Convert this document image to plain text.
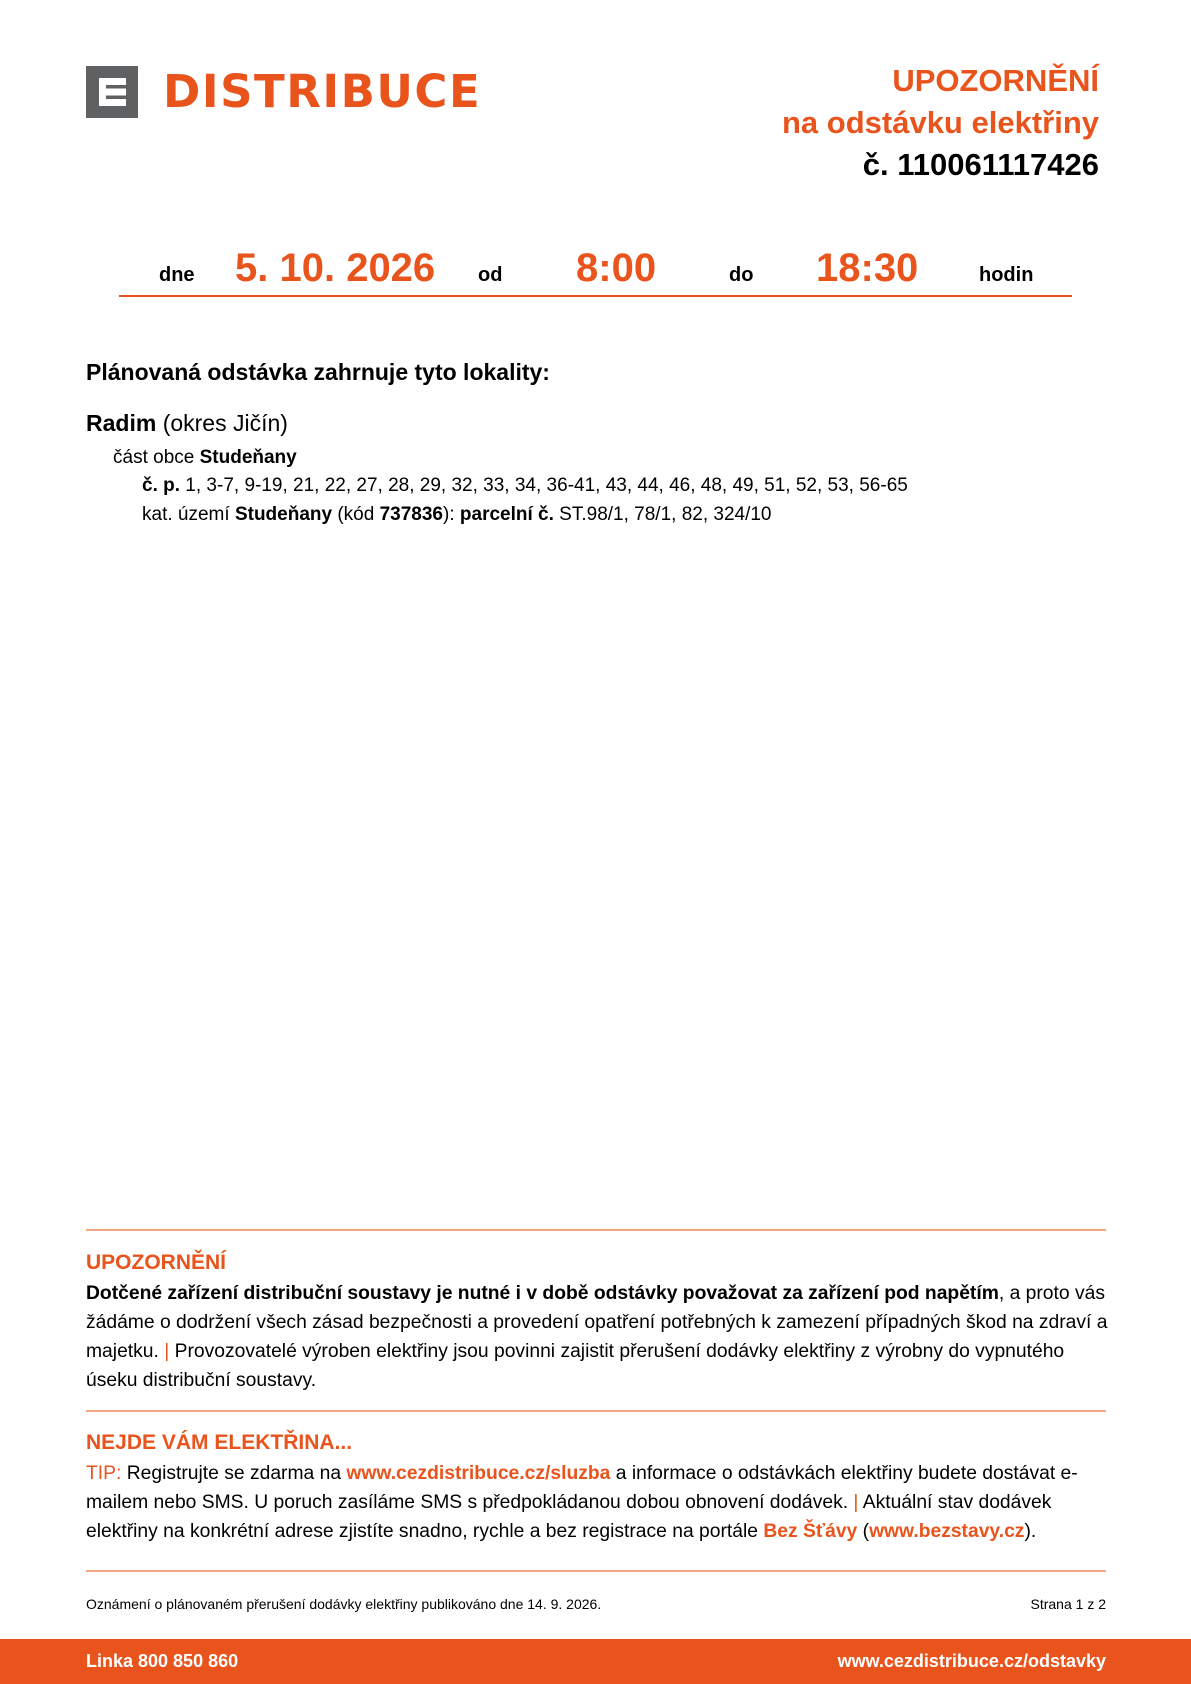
DISTRIBUCE	UPOZORNĚNÍ
na odstávku elektřiny
č. 110061117426
dne 5. 10. 2026 od 8:00	do 18:30	hodin
Plánovaná odstávka zahrnuje tyto lokality:
Radim (okres Jičín)
část obce Studeňany
č. p. 1, 3-7, 9-19, 21, 22, 27, 28, 29, 32, 33, 34, 36-41, 43, 44, 46, 48, 49, 51, 52, 53, 56-65
kat. území Studeňany (kód 737836): parcelní č. ST.98/1, 78/1, 82, 324/10
UPOZORNĚNÍ
Dotčené zařízení distribuční soustavy je nutné i v době odstávky považovat za zařízení pod napětím, a proto vás žádáme o dodržení všech zásad bezpečnosti a provedení opatření potřebných k zamezení případných škod na zdraví a majetku. | Provozovatelé výroben elektřiny jsou povinni zajistit přerušení dodávky elektřiny z výrobny do vypnutého úseku distribuční soustavy.
NEJDE VÁM ELEKTŘINA...
TIP: Registrujte se zdarma na www.cezdistribuce.cz/sluzba a informace o odstávkách elektřiny budete dostávat e-mailem nebo SMS. U poruch zasíláme SMS s předpokládanou dobou obnovení dodávek. | Aktuální stav dodávek elektřiny na konkrétní adrese zjistíte snadno, rychle a bez registrace na portále Bez Šťávy (www.bezstavy.cz).
Oznámení o plánovaném přerušení dodávky elektřiny publikováno dne 14. 9. 2026.	Strana 1 z 2
Linka 800 850 860	www.cezdistribuce.cz/odstavky
